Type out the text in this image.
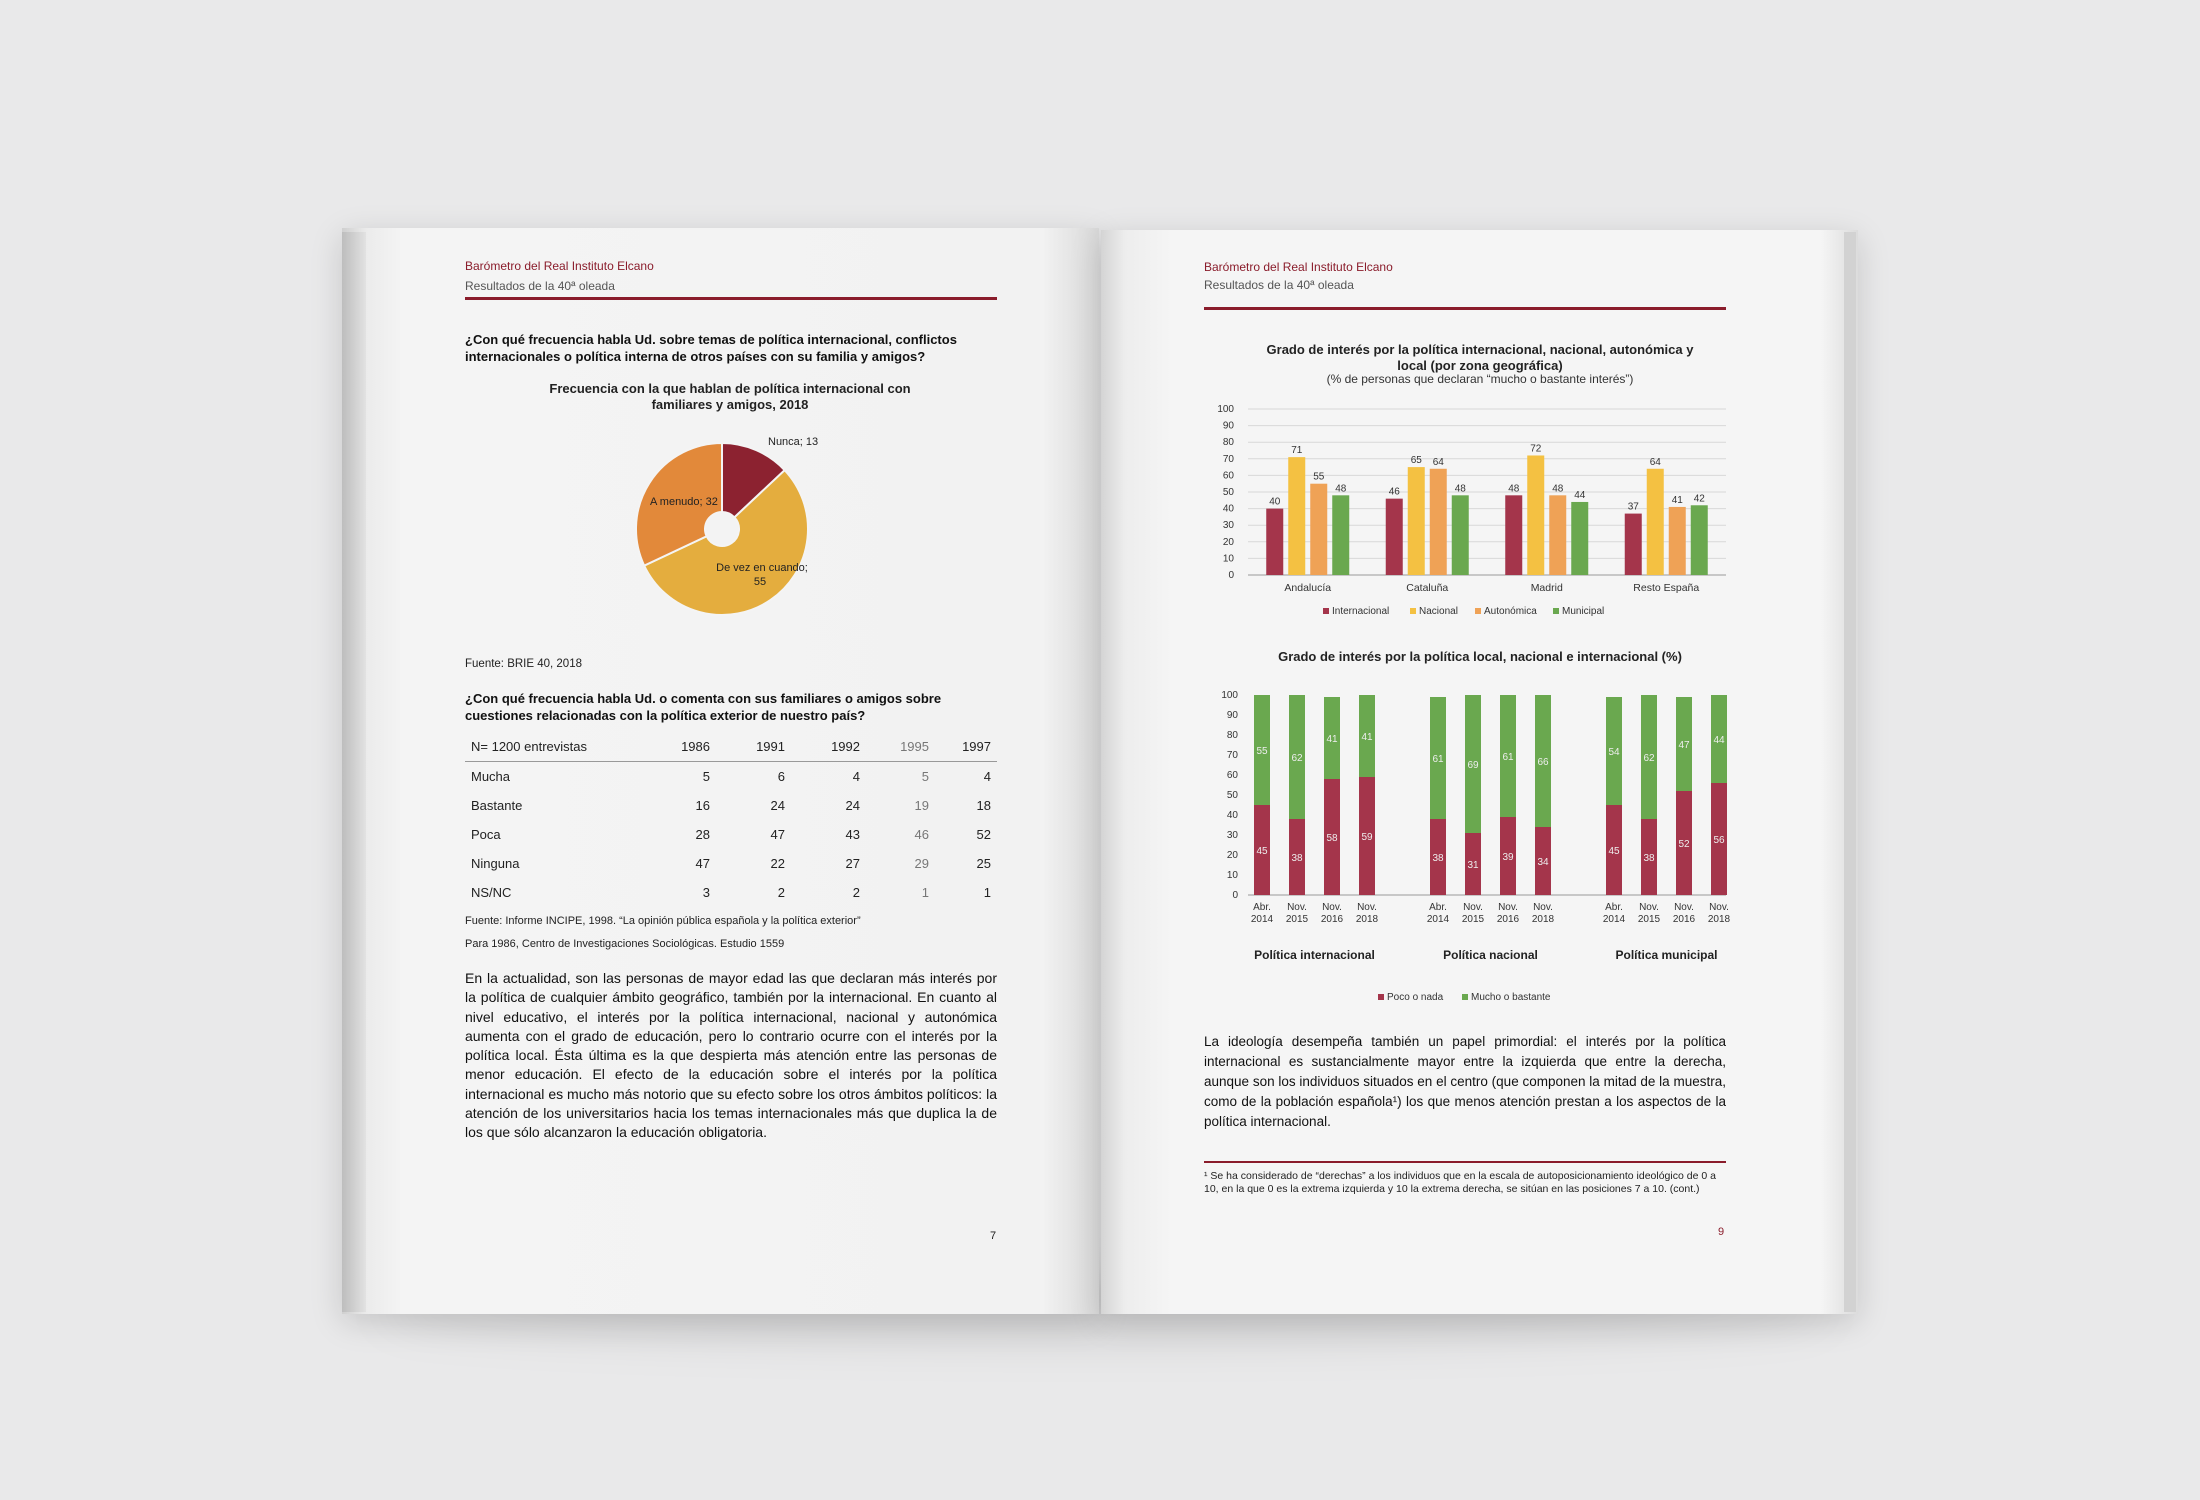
Barómetro del Real Instituto Elcano
Resultados de la 40ª oleada
¿Con qué frecuencia habla Ud. sobre temas de política internacional, conflictos internacionales o política interna de otros países con su familia y amigos?
Frecuencia con la que hablan de política internacional con familiares y amigos, 2018
Nunca; 13
De vez en cuando;
55
A menudo; 32
Fuente: BRIE 40, 2018
¿Con qué frecuencia habla Ud. o comenta con sus familiares o amigos sobre cuestiones relacionadas con la política exterior de nuestro país?
N= 1200 entrevistas	1986	1991	1992	1995	1997
Mucha	5	6	4	5	4
Bastante	16	24	24	19	18
Poca	28	47	43	46	52
Ninguna	47	22	27	29	25
NS/NC	3	2	2	1	1
Fuente: Informe INCIPE, 1998. “La opinión pública española y la política exterior”
Para 1986, Centro de Investigaciones Sociológicas. Estudio 1559
En la actualidad, son las personas de mayor edad las que declaran más interés por la política de cualquier ámbito geográfico, también por la internacional. En cuanto al nivel educativo, el interés por la política internacional, nacional y autonómica aumenta con el grado de educación, pero lo contrario ocurre con el interés por la política local. Ésta última es la que despierta más atención entre las personas de menor educación. El efecto de la educación sobre el interés por la política internacional es mucho más notorio que su efecto sobre los otros ámbitos políticos: la atención de los universitarios hacia los temas internacionales más que duplica la de los que sólo alcanzaron la educación obligatoria.
7
Barómetro del Real Instituto Elcano
Resultados de la 40ª oleada
Grado de interés por la política internacional, nacional, autonómica y
local (por zona geográfica)
(% de personas que declaran “mucho o bastante interés”)
0
10
20
30
40
50
60
70
80
90
100
40
71
55
48
Andalucía
46
65 64
48
Cataluña
48
72
48
44
Madrid
37
64
41 42
Resto España
Internacional	Nacional	Autonómica	Municipal
Grado de interés por la política local, nacional e internacional (%)
0
10
20
30
40
50
60
70
80
90
100
45
55
Abr.
2014
38
62
Nov.
2015
58
41
Nov.
2016
59
41
Nov.
2018
Política internacional
38
61
Abr.
2014
31
69
Nov.
2015
39
61
Nov.
2016
34
66
Nov.
2018
Política nacional
45
54
Abr.
2014
38
62
Nov.
2015
52
47
Nov.
2016
56
44
Nov.
2018
Política municipal
Poco o nada	Mucho o bastante
La ideología desempeña también un papel primordial: el interés por la política internacional es sustancialmente mayor entre la izquierda que entre la derecha, aunque son los individuos situados en el centro (que componen la mitad de la muestra, como de la población española¹) los que menos atención prestan a los aspectos de la política internacional.
¹ Se ha considerado de “derechas” a los individuos que en la escala de autoposicionamiento ideológico de 0 a 10, en la que 0 es la extrema izquierda y 10 la extrema derecha, se sitúan en las posiciones 7 a 10. (cont.)
9
